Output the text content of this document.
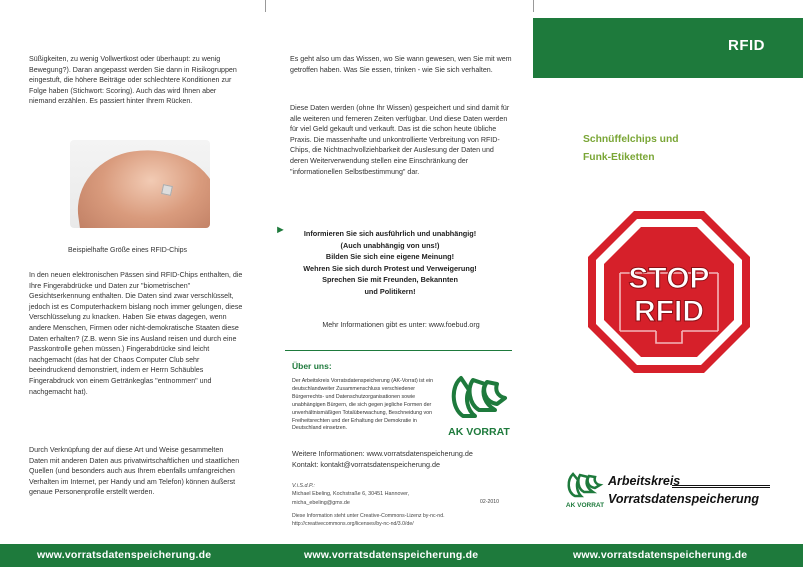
Süßigkeiten, zu wenig Vollwertkost oder überhaupt: zu wenig Bewegung?). Daran angepasst werden Sie dann in Risikogruppen eingestuft, die höhere Beiträge oder schlechtere Konditionen zur Folge haben (Stichwort: Scoring). Auch das wird Ihnen aber niemand erzählen. Es passiert hinter Ihrem Rücken.

Beispielhafte Größe eines RFID-Chips

In den neuen elektronischen Pässen sind RFID-Chips enthalten, die Ihre Fingerabdrücke und Daten zur "biometrischen" Gesichtserkennung enthalten. Die Daten sind zwar verschlüsselt, jedoch ist es Computerhackern bislang noch immer gelungen, diese Verschlüsselung zu knacken. Haben Sie etwas dagegen, wenn andere Menschen, Firmen oder nicht-demokratische Staaten diese Daten erhalten? (Z.B. wenn Sie ins Ausland reisen und durch eine Passkontrolle gehen müssen.) Fingerabdrücke sind leicht nachgemacht (das hat der Chaos Computer Club sehr beeindruckend demonstriert, indem er Herrn Schäubles Fingerabdruck von einem Getränkeglas "entnommen" und nachgemacht hat).

Durch Verknüpfung der auf diese Art und Weise gesammelten Daten mit anderen Daten aus privatwirtschaftlichen und staatlichen Quellen (und besonders auch aus Ihrem ebenfalls umfangreichen Verhalten im Internet, per Handy und am Telefon) können äußerst genaue Personenprofile erstellt werden.

Es geht also um das Wissen, wo Sie wann gewesen, wen Sie mit wem getroffen haben. Was Sie essen, trinken - wie Sie sich verhalten.

Diese Daten werden (ohne Ihr Wissen) gespeichert und sind damit für alle weiteren und ferneren Zeiten verfügbar. Und diese Daten werden für viel Geld gekauft und verkauft. Das ist die schon heute übliche Praxis. Die massenhafte und unkontrollierte Verbreitung von RFID-Chips, die Nichtnachvollziehbarkeit der Auslesung der Daten und deren Weiterverwendung stellen eine Einschränkung der "informationellen Selbstbestimmung" dar.

►	Informieren Sie sich ausführlich und unabhängig!
(Auch unabhängig von uns!)
Bilden Sie sich eine eigene Meinung!
Wehren Sie sich durch Protest und Verweigerung!
Sprechen Sie mit Freunden, Bekannten
und Politikern!
Mehr Informationen gibt es unter: www.foebud.org
Über uns:

Der Arbeitskreis Vorratsdatenspeicherung (AK-Vorrat) ist ein deutschlandweiter Zusammenschluss verschiedener Bürgerrechts- und Datenschutzorganisationen sowie unabhängigen Bürgern, die sich gegen jegliche Formen der unverhältnismäßigen Totalüberwachung, Beschneidung von Freiheitsrechten und der Erhaltung der Demokratie in Deutschland einsetzen.	AK VORRAT
Weitere Informationen: www.vorratsdatenspeicherung.de
Kontakt: kontakt@vorratsdatenspeicherung.de
V.i.S.d.P.:
Michael Ebeling, Kochstraße 6, 30451 Hannover,
micha_ebeling@gmx.de	02-2010
Diese Information steht unter Creative-Commons-Lizenz by-nc-nd.
http://creativecommons.org/licenses/by-nc-nd/3.0/de/
RFID
Schnüffelchips und
Funk-Etiketten
STOP
RFID
AK VORRAT
Arbeitskreis
Vorratsdatenspeicherung
www.vorratsdatenspeicherung.de	www.vorratsdatenspeicherung.de	www.vorratsdatenspeicherung.de
